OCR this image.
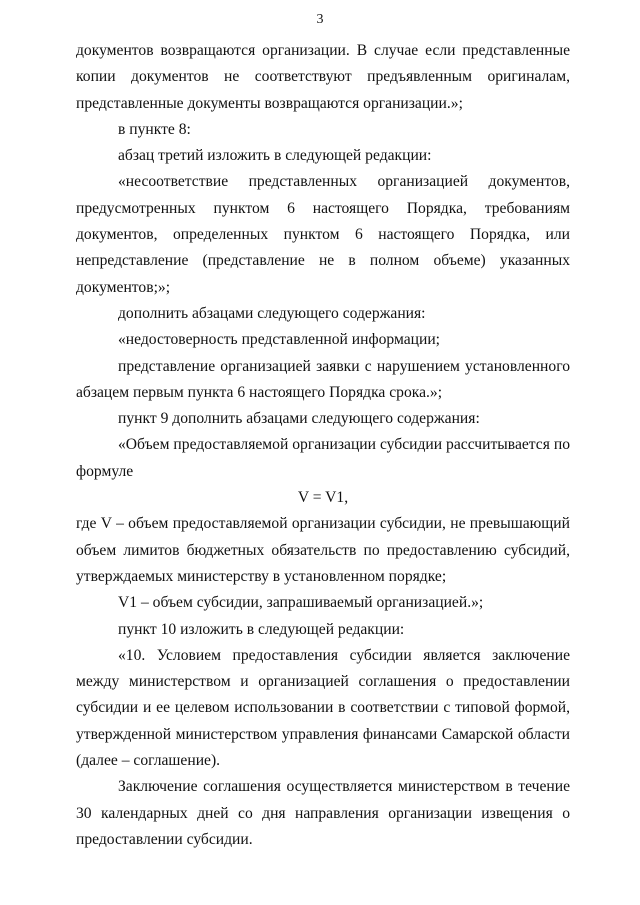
3

документов возвращаются организации. В случае если представленные копии документов не соответствуют предъявленным оригиналам, представленные документы возвращаются организации.»;

в пункте 8:

абзац третий изложить в следующей редакции:

«несоответствие представленных организацией документов, предусмотренных пунктом 6 настоящего Порядка, требованиям документов, определенных пунктом 6 настоящего Порядка, или непредставление (представление не в полном объеме) указанных документов;»;

дополнить абзацами следующего содержания:

«недостоверность представленной информации;

представление организацией заявки с нарушением установленного абзацем первым пункта 6 настоящего Порядка срока.»;

пункт 9 дополнить абзацами следующего содержания:

«Объем предоставляемой организации субсидии рассчитывается по формуле

V = V1,

где V – объем предоставляемой организации субсидии, не превышающий объем лимитов бюджетных обязательств по предоставлению субсидий, утверждаемых министерству в установленном порядке;

V1 – объем субсидии, запрашиваемый организацией.»;

пункт 10 изложить в следующей редакции:

«10. Условием предоставления субсидии является заключение между министерством и организацией соглашения о предоставлении субсидии и ее целевом использовании в соответствии с типовой формой, утвержденной министерством управления финансами Самарской области (далее – соглашение).

Заключение соглашения осуществляется министерством в течение 30 календарных дней со дня направления организации извещения о предоставлении субсидии.
